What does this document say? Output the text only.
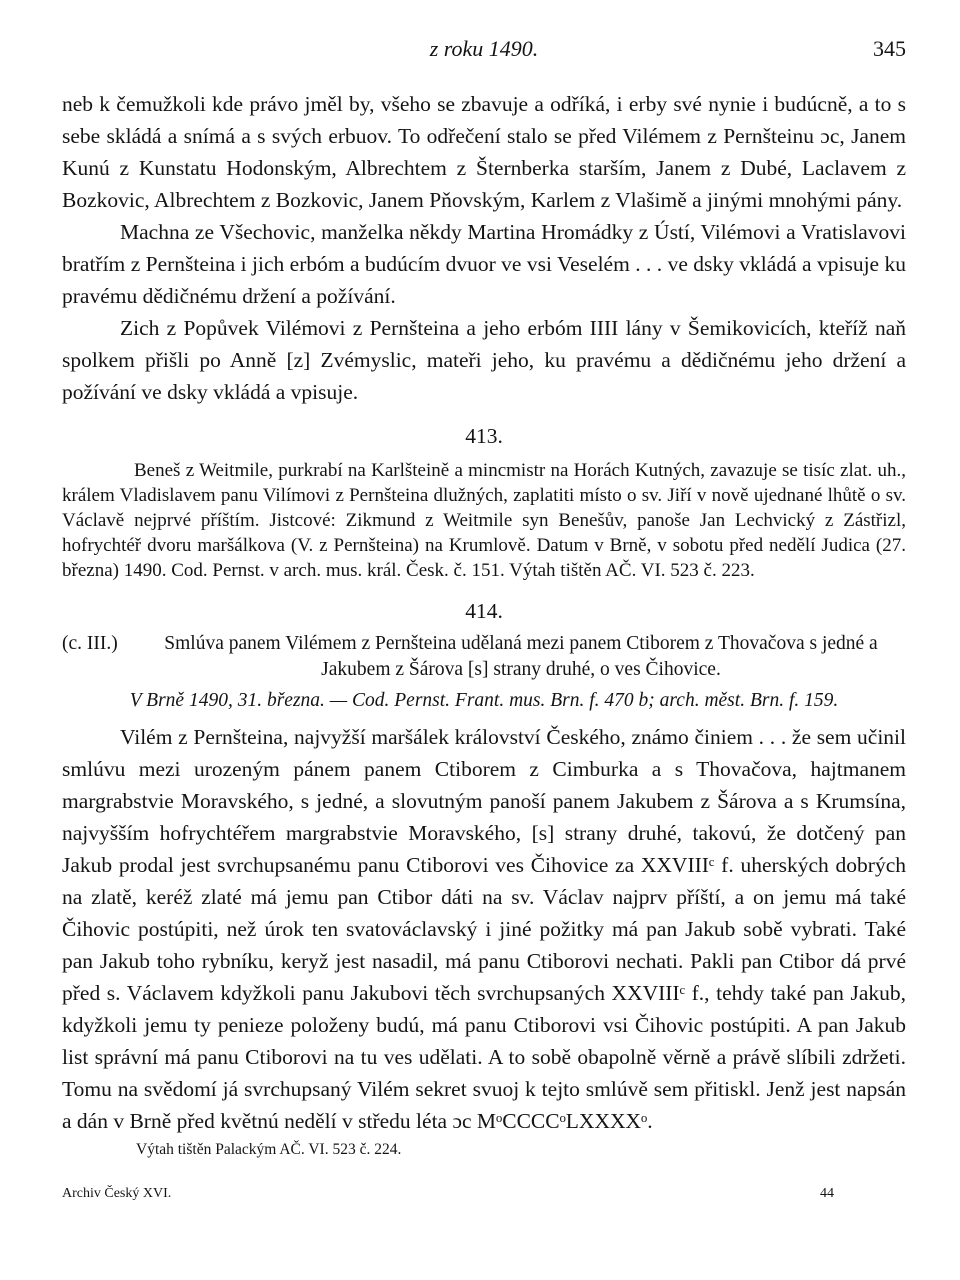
z roku 1490.	345

neb k čemužkoli kde právo jměl by, všeho se zbavuje a odříká, i erby své nynie i budúcně, a to s sebe skládá a snímá a s svých erbuov. To odřečení stalo se před Vilémem z Pernšteinu ɔc, Janem Kunú z Kunstatu Hodonským, Albrechtem z Šternberka starším, Janem z Dubé, Laclavem z Bozkovic, Albrechtem z Bozkovic, Janem Pňovským, Karlem z Vlašimě a jinými mnohými pány.

Machna ze Všechovic, manželka někdy Martina Hromádky z Ústí, Vilémovi a Vratislavovi bratřím z Pernšteina i jich erbóm a budúcím dvuor ve vsi Veselém . . . ve dsky vkládá a vpisuje ku pravému dědičnému držení a požívání.

Zich z Popůvek Vilémovi z Pernšteina a jeho erbóm IIII lány v Šemikovicích, kteříž naň spolkem přišli po Anně [z] Zvémyslic, mateři jeho, ku pravému a dědičnému jeho držení a požívání ve dsky vkládá a vpisuje.

413.

Beneš z Weitmile, purkrabí na Karlšteině a mincmistr na Horách Kutných, zavazuje se tisíc zlat. uh., králem Vladislavem panu Vilímovi z Pernšteina dlužných, zaplatiti místo o sv. Jiří v nově ujednané lhůtě o sv. Václavě nejprvé příštím. Jistcové: Zikmund z Weitmile syn Benešův, panoše Jan Lechvický z Zástřizl, hofrychtéř dvoru maršálkova (V. z Pernšteina) na Krumlově. Datum v Brně, v sobotu před nedělí Judica (27. března) 1490. Cod. Pernst. v arch. mus. král. Česk. č. 151. Výtah tištěn AČ. VI. 523 č. 223.

414.
(c. III.)	Smlúva panem Vilémem z Pernšteina udělaná mezi panem Ctiborem z Thovačova s jedné a Jakubem z Šárova [s] strany druhé, o ves Čihovice.

V Brně 1490, 31. března. — Cod. Pernst. Frant. mus. Brn. f. 470 b; arch. měst. Brn. f. 159.

Vilém z Pernšteina, najvyžší maršálek království Českého, známo činiem . . . že sem učinil smlúvu mezi urozeným pánem panem Ctiborem z Cimburka a s Thovačova, hajtmanem margrabstvie Moravského, s jedné, a slovutným panoší panem Jakubem z Šárova a s Krumsína, najvyšším hofrychtéřem margrabstvie Moravského, [s] strany druhé, takovú, že dotčený pan Jakub prodal jest svrchupsanému panu Ctiborovi ves Čihovice za XXVIIIᶜ f. uherských dobrých na zlatě, keréž zlaté má jemu pan Ctibor dáti na sv. Václav najprv příští, a on jemu má také Čihovic postúpiti, než úrok ten svatováclavský i jiné požitky má pan Jakub sobě vybrati. Také pan Jakub toho rybníku, keryž jest nasadil, má panu Ctiborovi nechati. Pakli pan Ctibor dá prvé před s. Václavem kdyžkoli panu Jakubovi těch svrchupsaných XXVIIIᶜ f., tehdy také pan Jakub, kdyžkoli jemu ty penieze položeny budú, má panu Ctiborovi vsi Čihovic postúpiti. A pan Jakub list správní má panu Ctiborovi na tu ves udělati. A to sobě obapolně věrně a právě slíbili zdržeti. Tomu na svědomí já svrchupsaný Vilém sekret svuoj k tejto smlúvě sem přitiskl. Jenž jest napsán a dán v Brně před květnú nedělí v středu léta ɔc MᵒCCCCᵒLXXXXᵒ.

Výtah tištěn Palackým AČ. VI. 523 č. 224.

Archiv Český XVI.	44
